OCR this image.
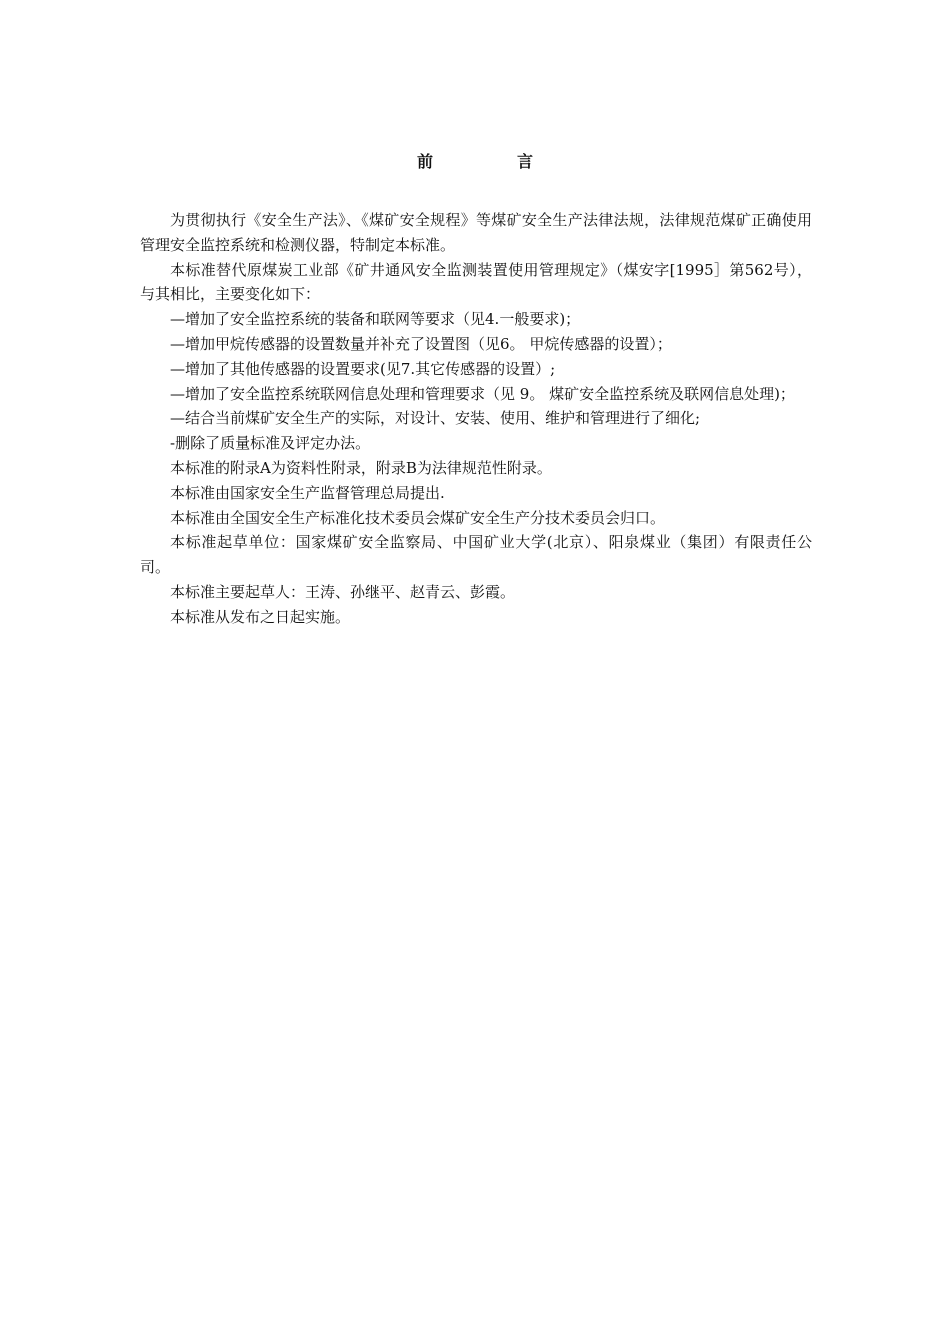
前　言

为贯彻执行《安全生产法》、《煤矿安全规程》等煤矿安全生产法律法规，法律规范煤矿正确使用管理安全监控系统和检测仪器，特制定本标准。

本标准替代原煤炭工业部《矿井通风安全监测装置使用管理规定》（煤安字[1995］第562号），与其相比，主要变化如下：

—增加了安全监控系统的装备和联网等要求（见4.一般要求)；

—增加甲烷传感器的设置数量并补充了设置图（见6。 甲烷传感器的设置）；

—增加了其他传感器的设置要求(见7.其它传感器的设置）;

—增加了安全监控系统联网信息处理和管理要求（见 9。 煤矿安全监控系统及联网信息处理)；

—结合当前煤矿安全生产的实际，对设计、安装、使用、维护和管理进行了细化;

-删除了质量标准及评定办法。

本标准的附录A为资料性附录，附录B为法律规范性附录。

本标准由国家安全生产监督管理总局提出.

本标准由全国安全生产标准化技术委员会煤矿安全生产分技术委员会归口。

本标准起草单位：国家煤矿安全监察局、中国矿业大学(北京）、阳泉煤业（集团）有限责任公司。

本标准主要起草人：王涛、孙继平、赵青云、彭霞。

本标准从发布之日起实施。
